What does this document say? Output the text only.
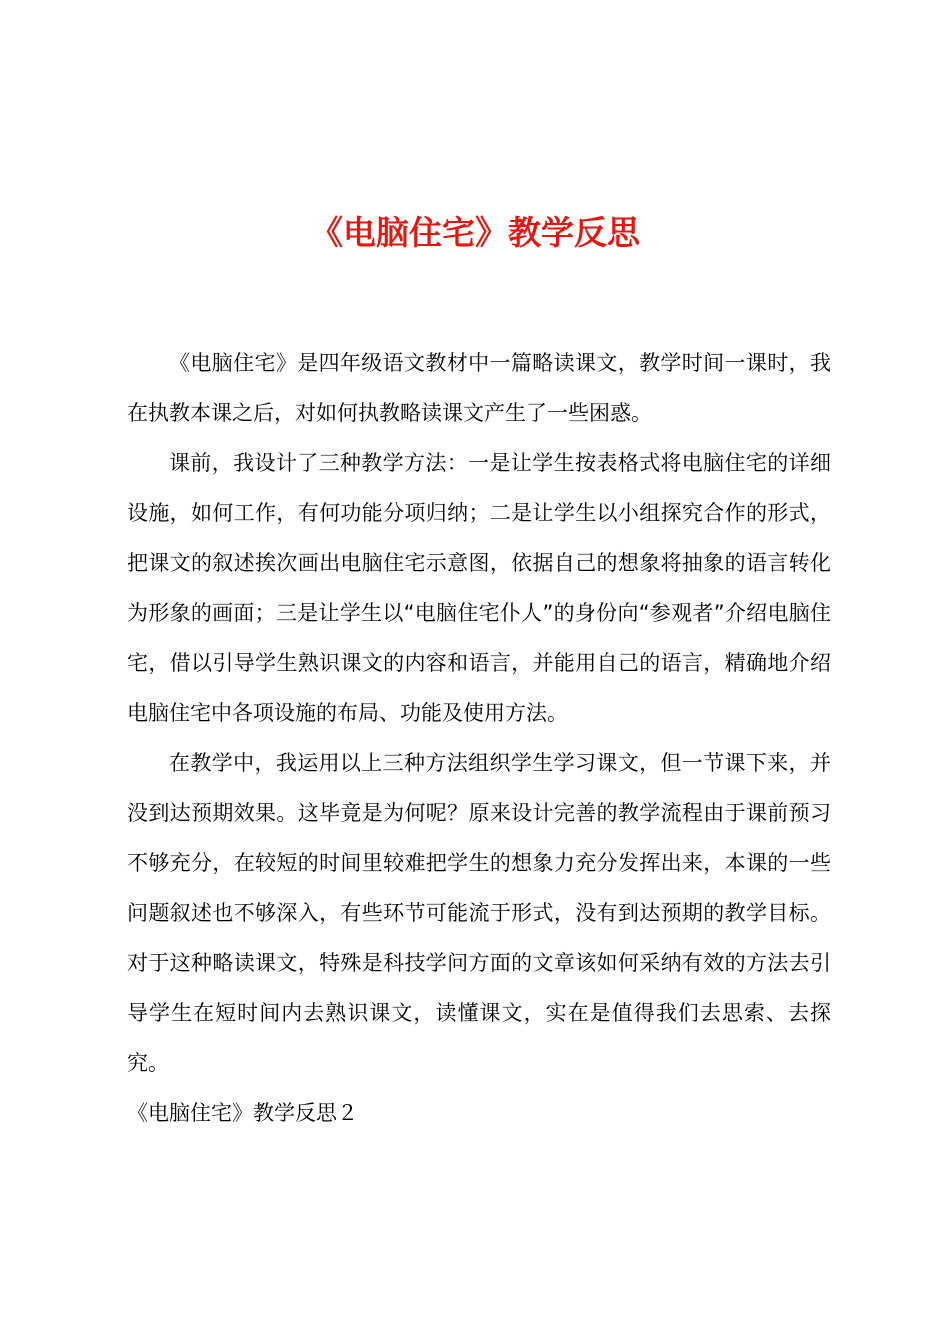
《电脑住宅》教学反思

《电脑住宅》是四年级语文教材中一篇略读课文，教学时间一课时，我在执教本课之后，对如何执教略读课文产生了一些困惑。

课前，我设计了三种教学方法：一是让学生按表格式将电脑住宅的详细设施，如何工作，有何功能分项归纳；二是让学生以小组探究合作的形式，把课文的叙述挨次画出电脑住宅示意图，依据自己的想象将抽象的语言转化为形象的画面；三是让学生以“电脑住宅仆人”的身份向“参观者”介绍电脑住宅，借以引导学生熟识课文的内容和语言，并能用自己的语言，精确地介绍电脑住宅中各项设施的布局、功能及使用方法。

在教学中，我运用以上三种方法组织学生学习课文，但一节课下来，并没到达预期效果。这毕竟是为何呢？原来设计完善的教学流程由于课前预习不够充分，在较短的时间里较难把学生的想象力充分发挥出来，本课的一些问题叙述也不够深入，有些环节可能流于形式，没有到达预期的教学目标。对于这种略读课文，特殊是科技学问方面的文章该如何采纳有效的方法去引导学生在短时间内去熟识课文，读懂课文，实在是值得我们去思索、去探究。

《电脑住宅》教学反思２
